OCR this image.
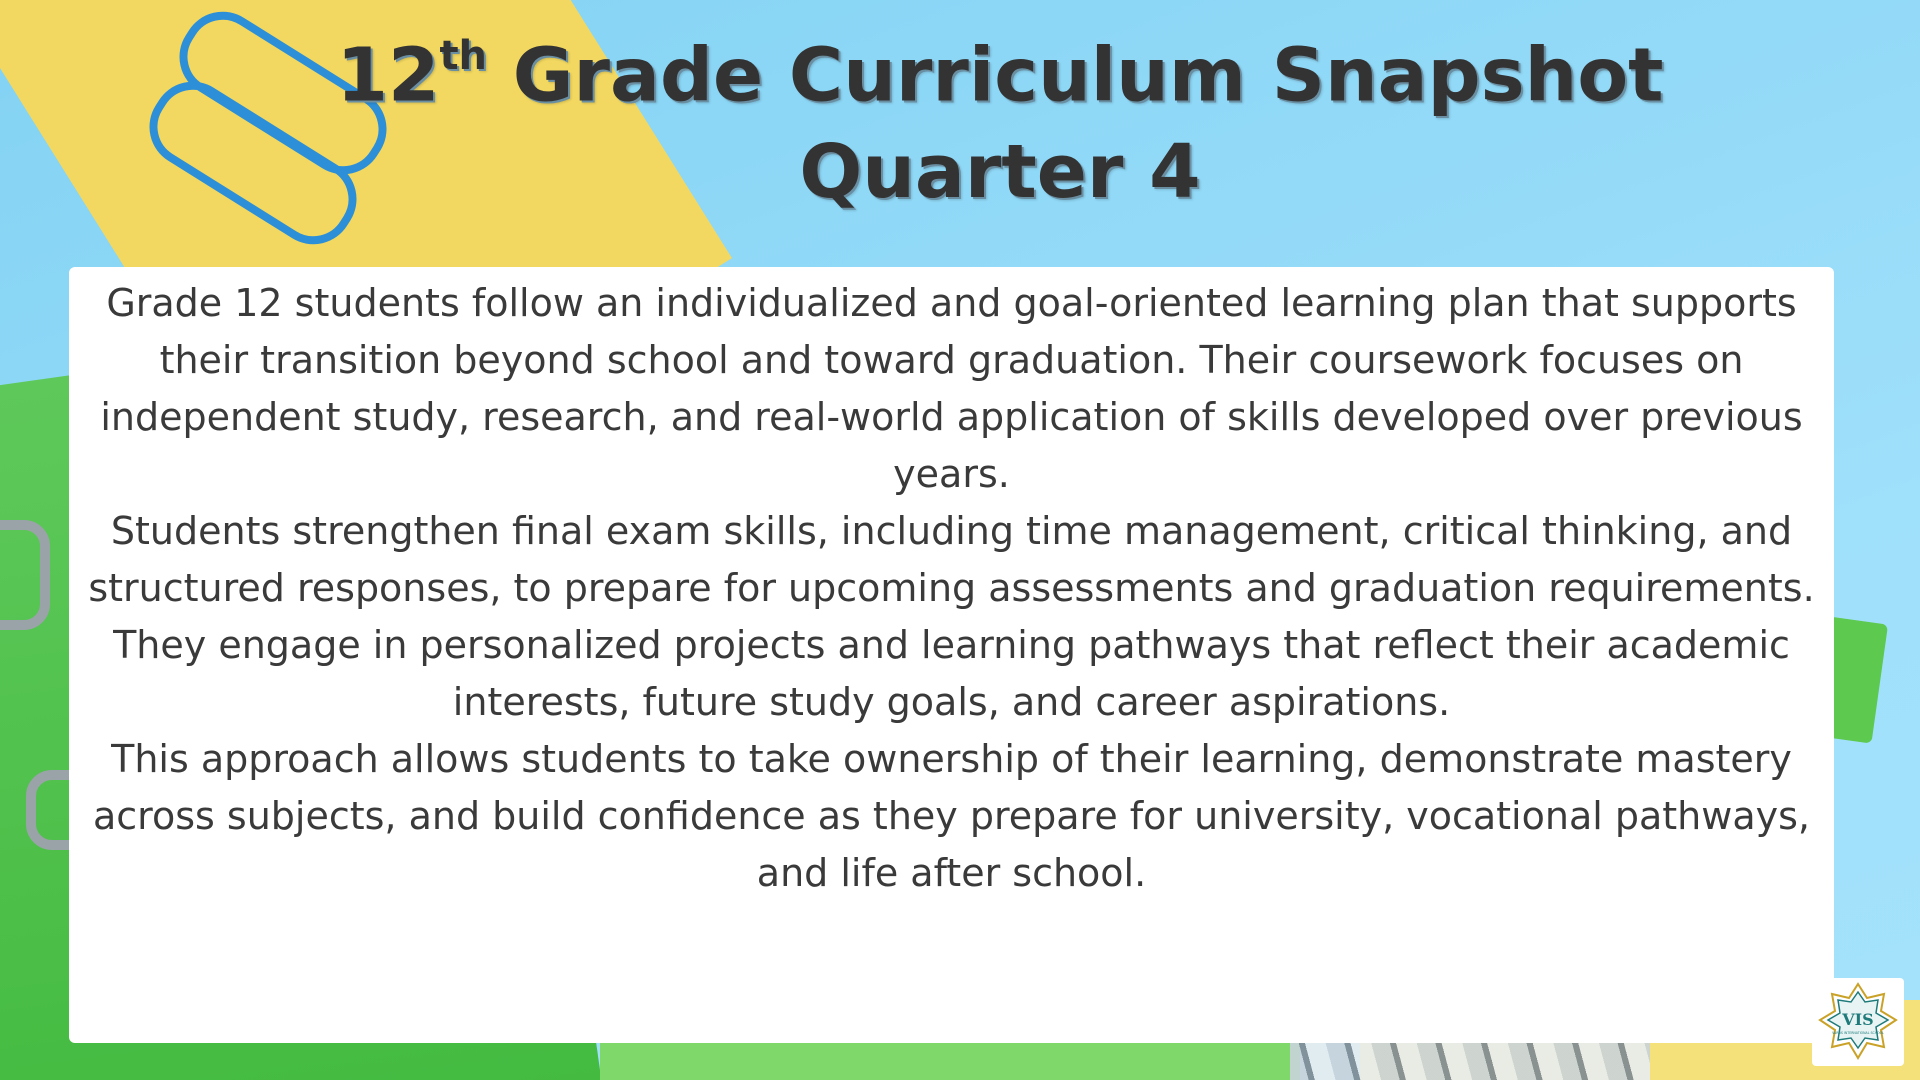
12th Grade Curriculum Snapshot
Quarter 4

Grade 12 students follow an individualized and goal-oriented learning plan that supports their transition beyond school and toward graduation. Their coursework focuses on independent study, research, and real-world application of skills developed over previous years.

Students strengthen final exam skills, including time management, critical thinking, and structured responses, to prepare for upcoming assessments and graduation requirements. They engage in personalized projects and learning pathways that reflect their academic interests, future study goals, and career aspirations.

This approach allows students to take ownership of their learning, demonstrate mastery across subjects, and build confidence as they prepare for university, vocational pathways, and life after school.

VIS
VARDS INTERNATIONAL SCHOOL
